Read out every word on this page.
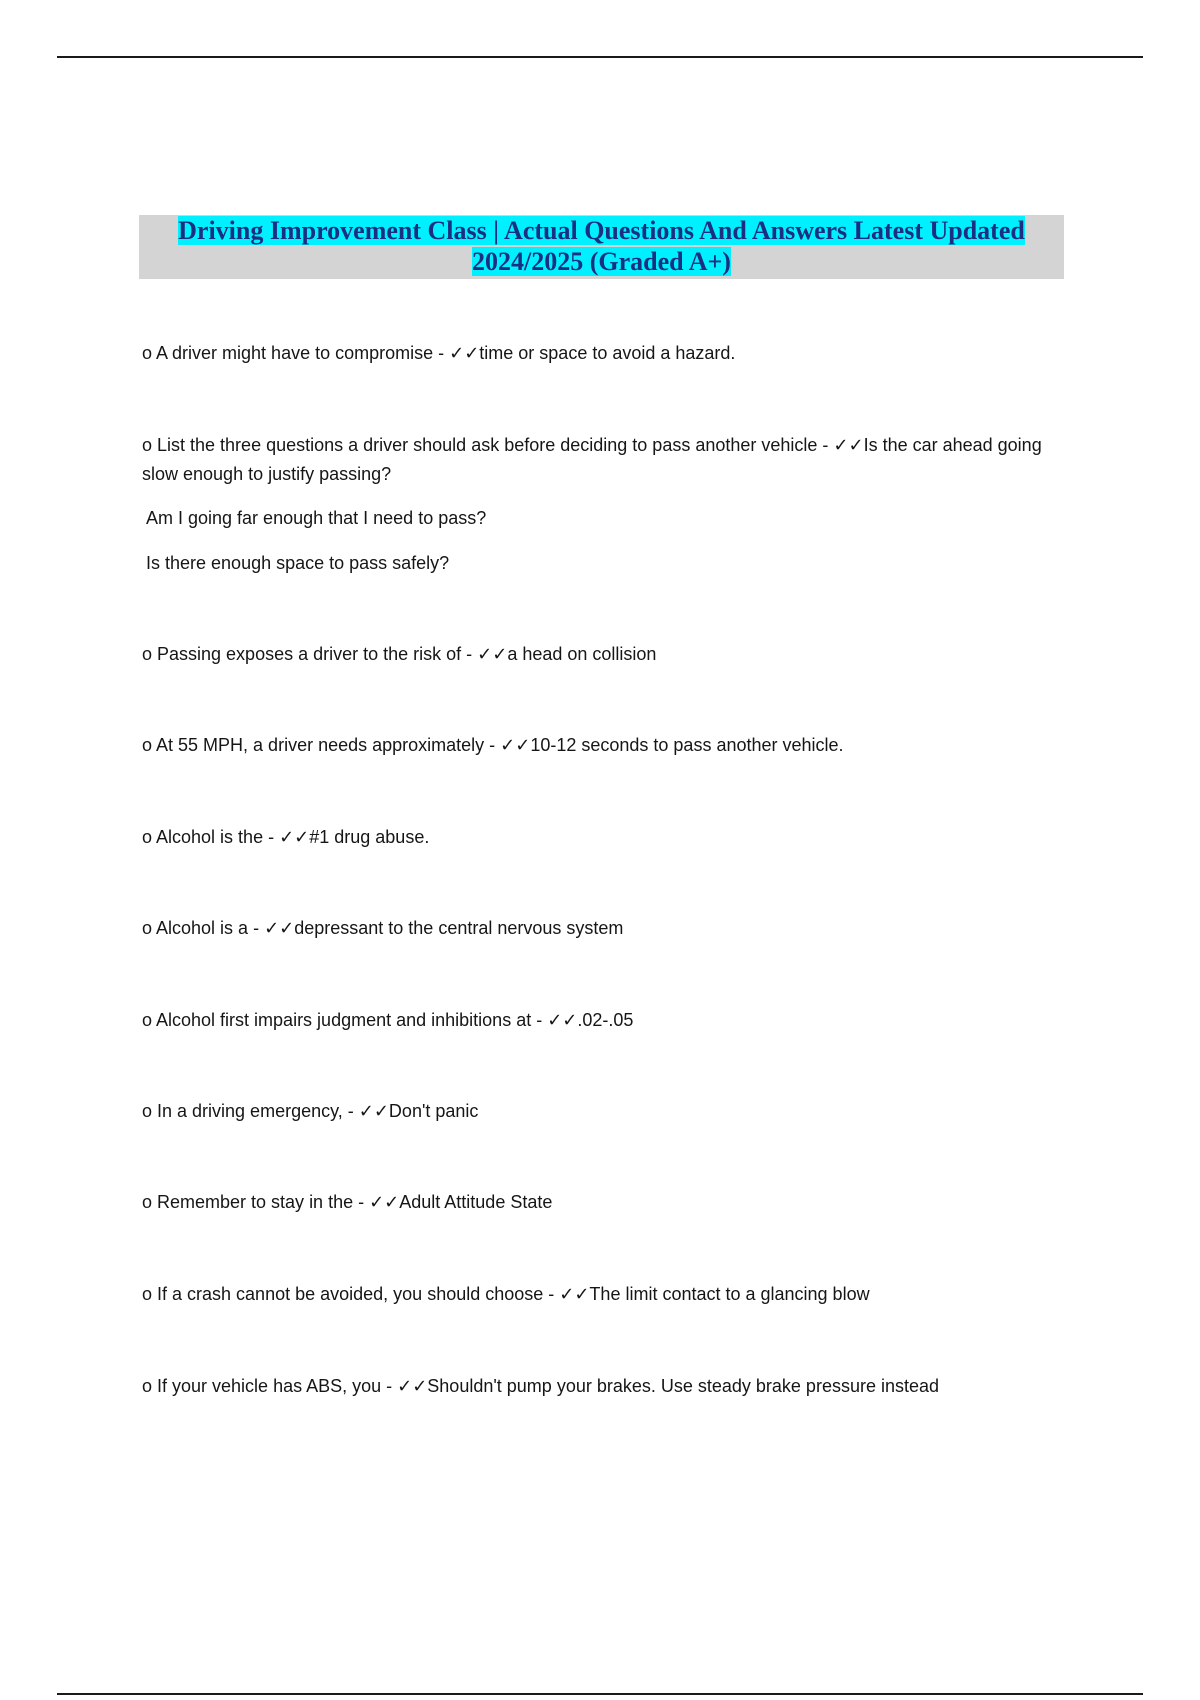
Driving Improvement Class | Actual Questions And Answers Latest Updated
2024/2025 (Graded A+)
o A driver might have to compromise - ✓✓time or space to avoid a hazard.
o List the three questions a driver should ask before deciding to pass another vehicle - ✓✓Is the car ahead going slow enough to justify passing?
Am I going far enough that I need to pass?
Is there enough space to pass safely?
o Passing exposes a driver to the risk of - ✓✓a head on collision
o At 55 MPH, a driver needs approximately - ✓✓10-12 seconds to pass another vehicle.
o Alcohol is the - ✓✓#1 drug abuse.
o Alcohol is a - ✓✓depressant to the central nervous system
o Alcohol first impairs judgment and inhibitions at - ✓✓.02-.05
o In a driving emergency, - ✓✓Don't panic
o Remember to stay in the - ✓✓Adult Attitude State
o If a crash cannot be avoided, you should choose - ✓✓The limit contact to a glancing blow
o If your vehicle has ABS, you - ✓✓Shouldn't pump your brakes. Use steady brake pressure instead
